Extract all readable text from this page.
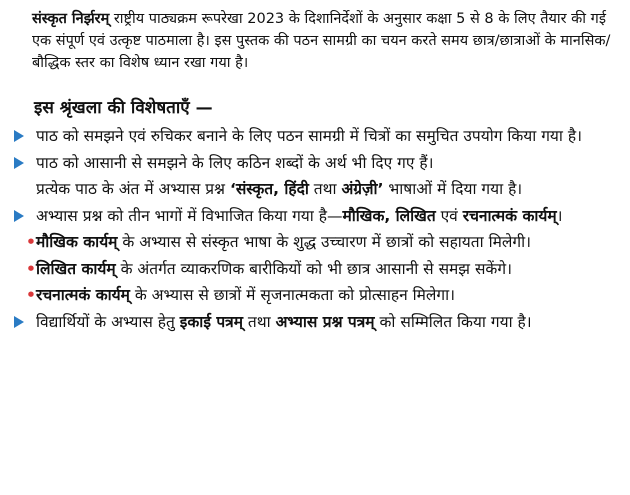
संस्कृत निर्झरम् राष्ट्रीय पाठ्यक्रम रूपरेखा 2023 के दिशानिर्देशों के अनुसार कक्षा 5 से 8 के लिए तैयार की गई एक संपूर्ण एवं उत्कृष्ट पाठमाला है। इस पुस्तक की पठन सामग्री का चयन करते समय छात्र/छात्राओं के मानसिक/ बौद्धिक स्तर का विशेष ध्यान रखा गया है।

इस श्रृंखला की विशेषताएँ —
पाठ को समझने एवं रुचिकर बनाने के लिए पठन सामग्री में चित्रों का समुचित उपयोग किया गया है।
पाठ को आसानी से समझने के लिए कठिन शब्दों के अर्थ भी दिए गए हैं।
प्रत्येक पाठ के अंत में अभ्यास प्रश्न ‘संस्कृत, हिंदी तथा अंग्रेज़ी’ भाषाओं में दिया गया है।
अभ्यास प्रश्न को तीन भागों में विभाजित किया गया है—मौखिक, लिखित एवं रचनात्मकं कार्यम्।
• मौखिक कार्यम् के अभ्यास से संस्कृत भाषा के शुद्ध उच्चारण में छात्रों को सहायता मिलेगी।
• लिखित कार्यम् के अंतर्गत व्याकरणिक बारीकियों को भी छात्र आसानी से समझ सकेंगे।
• रचनात्मकं कार्यम् के अभ्यास से छात्रों में सृजनात्मकता को प्रोत्साहन मिलेगा।
विद्यार्थियों के अभ्यास हेतु इकाई पत्रम् तथा अभ्यास प्रश्न पत्रम् को सम्मिलित किया गया है।
